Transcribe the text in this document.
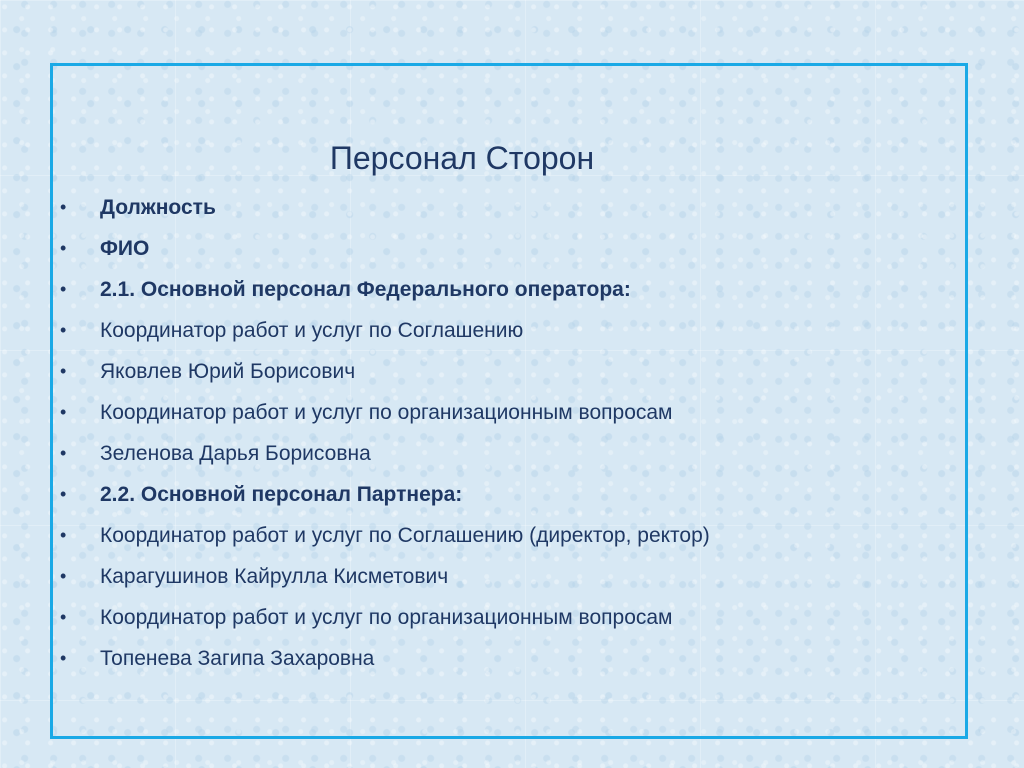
Персонал Сторон
• Должность
• ФИО
• 2.1. Основной персонал Федерального оператора:
• Координатор работ и услуг по Соглашению
• Яковлев Юрий Борисович
• Координатор работ и услуг по организационным вопросам
• Зеленова Дарья Борисовна
• 2.2. Основной персонал Партнера:
• Координатор работ и услуг по Соглашению (директор, ректор)
• Карагушинов Кайрулла Кисметович
• Координатор работ и услуг по организационным вопросам
• Топенева Загипа Захаровна
